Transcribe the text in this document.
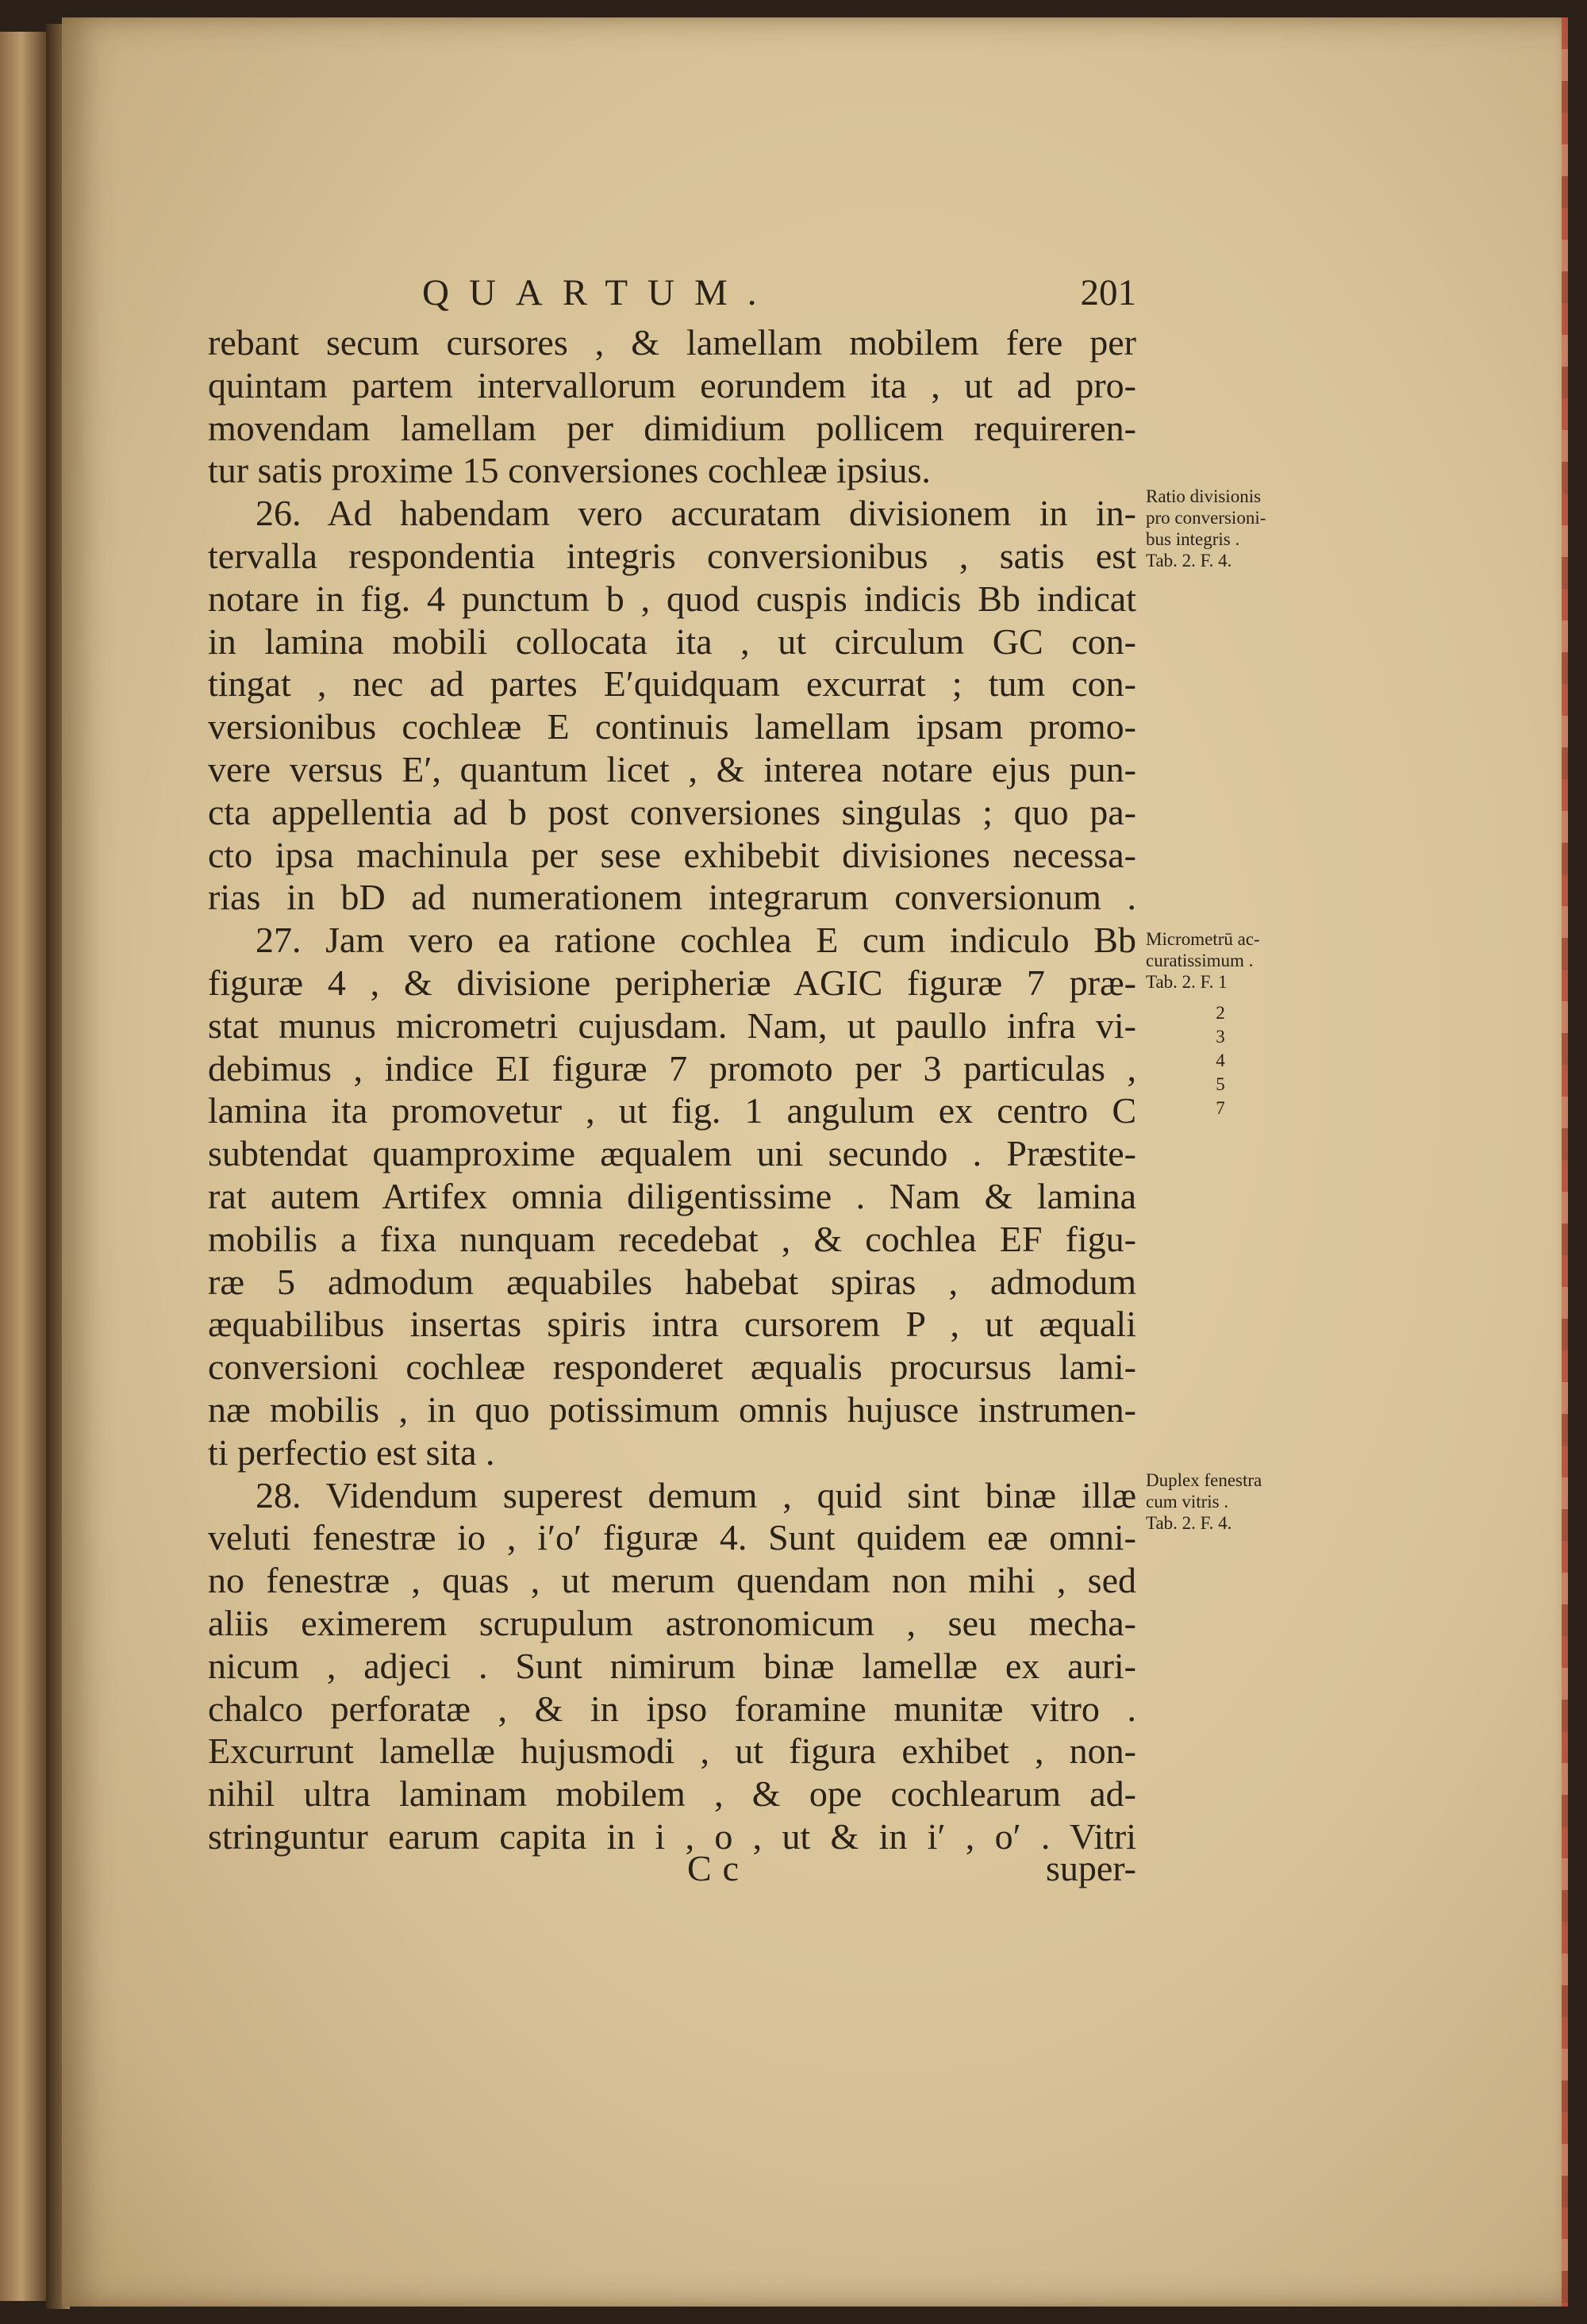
QUARTUM.	201
rebant secum cursores , & lamellam mobilem fere per
quintam partem intervallorum eorundem ita , ut ad pro-
movendam lamellam per dimidium pollicem requireren-
tur satis proxime 15 conversiones cochleæ ipsius.
26. Ad habendam vero accuratam divisionem in in-
tervalla respondentia integris conversionibus , satis est
notare in fig. 4 punctum b , quod cuspis indicis Bb indicat
in lamina mobili collocata ita , ut circulum GC con-
tingat , nec ad partes E′quidquam excurrat ; tum con-
versionibus cochleæ E continuis lamellam ipsam promo-
vere versus E′, quantum licet , & interea notare ejus pun-
cta appellentia ad b post conversiones singulas ; quo pa-
cto ipsa machinula per sese exhibebit divisiones necessa-
rias in bD ad numerationem integrarum conversionum .
27. Jam vero ea ratione cochlea E cum indiculo Bb
figuræ 4 , & divisione peripheriæ AGIC figuræ 7 præ-
stat munus micrometri cujusdam. Nam, ut paullo infra vi-
debimus , indice EI figuræ 7 promoto per 3 particulas ,
lamina ita promovetur , ut fig. 1 angulum ex centro C
subtendat quamproxime æqualem uni secundo . Præstite-
rat autem Artifex omnia diligentissime . Nam & lamina
mobilis a fixa nunquam recedebat , & cochlea EF figu-
ræ 5 admodum æquabiles habebat spiras , admodum
æquabilibus insertas spiris intra cursorem P , ut æquali
conversioni cochleæ responderet æqualis procursus lami-
næ mobilis , in quo potissimum omnis hujusce instrumen-
ti perfectio est sita .
28. Videndum superest demum , quid sint binæ illæ
veluti fenestræ io , i′o′ figuræ 4. Sunt quidem eæ omni-
no fenestræ , quas , ut merum quendam non mihi , sed
aliis eximerem scrupulum astronomicum , seu mecha-
nicum , adjeci . Sunt nimirum binæ lamellæ ex auri-
chalco perforatæ , & in ipso foramine munitæ vitro .
Excurrunt lamellæ hujusmodi , ut figura exhibet , non-
nihil ultra laminam mobilem , & ope cochlearum ad-
stringuntur earum capita in i , o , ut & in i′ , o′ . Vitri
Ratio divisionis
pro conversioni-
bus integris .
Tab. 2. F. 4.
Micrometrū ac-
curatissimum .
Tab. 2. F. 1
2
3
4
5
7
Duplex fenestra
cum vitris .
Tab. 2. F. 4.
Cc	super-
